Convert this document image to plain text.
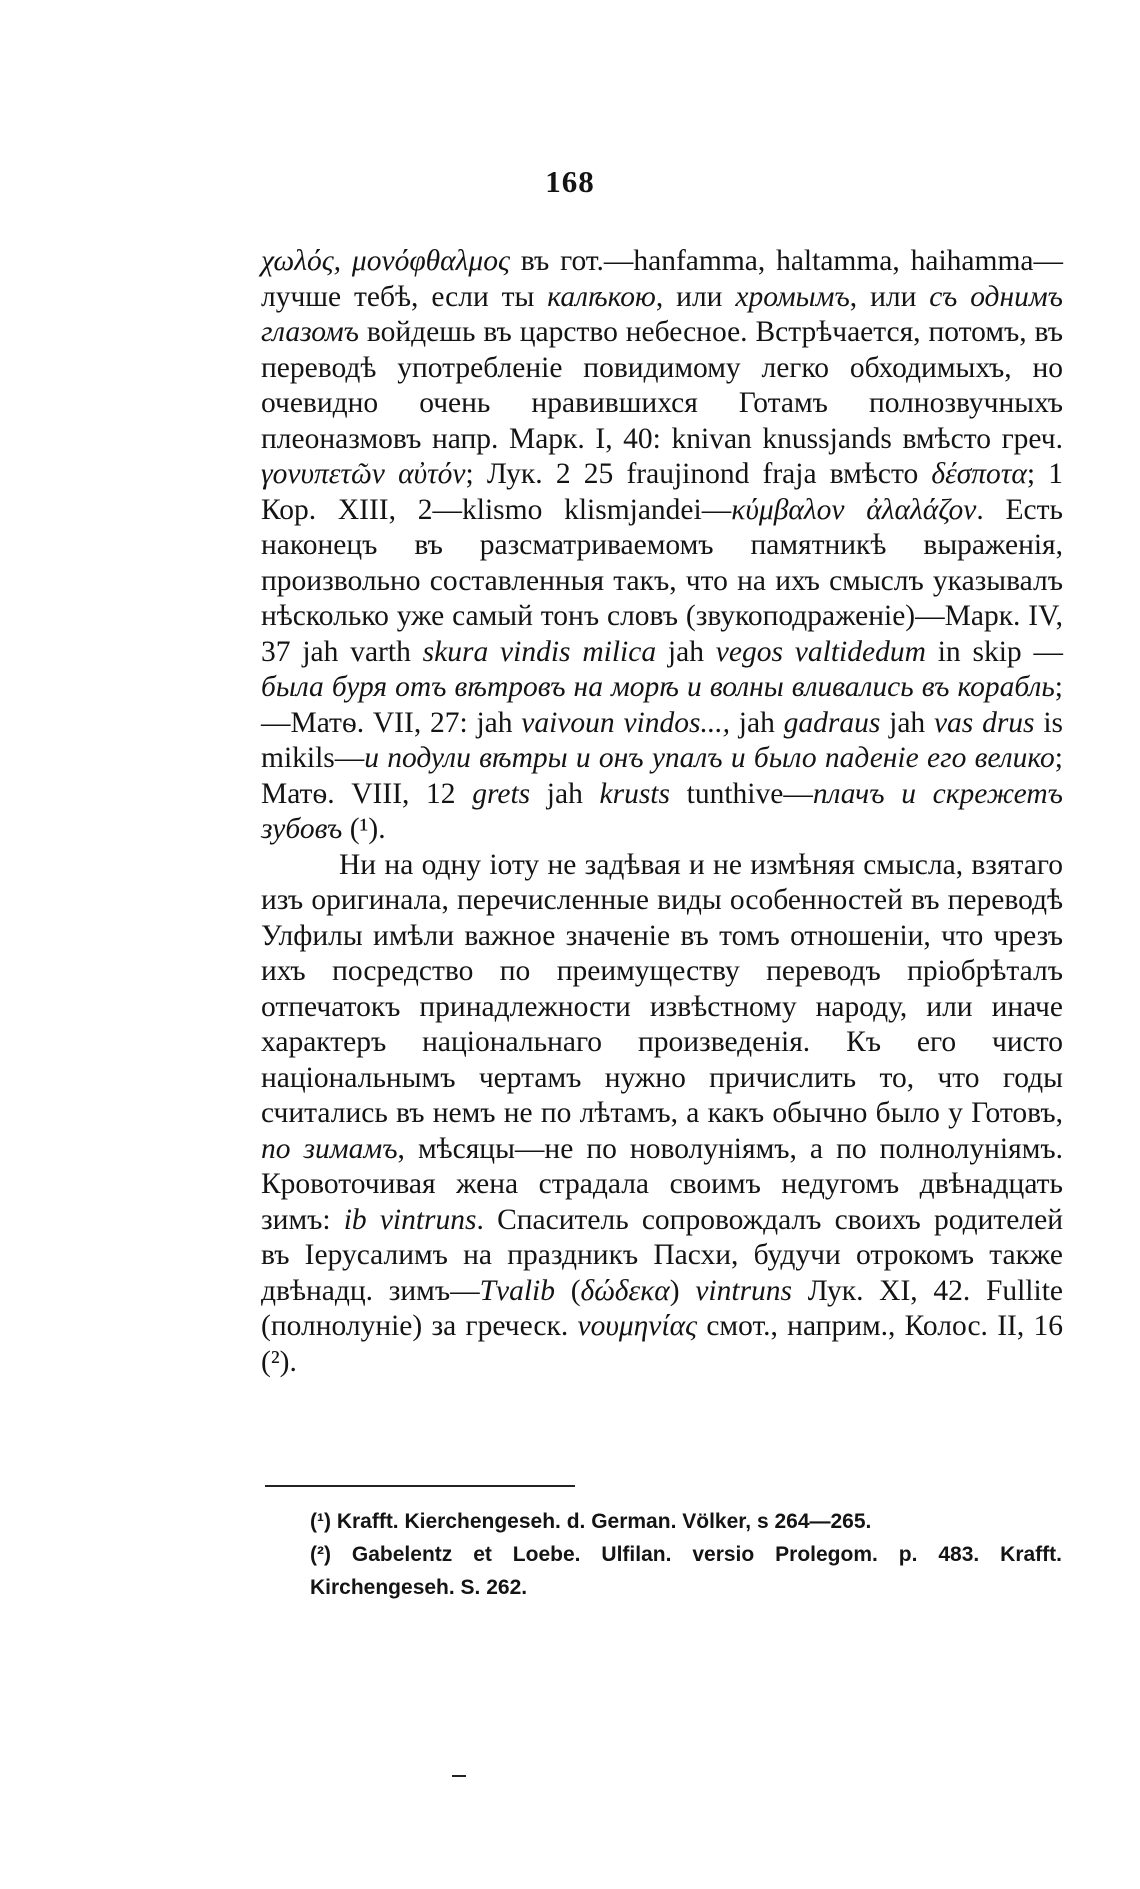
168

χωλός, μονόφθαλμος въ гот.—hanfamma, haltamma, haihamma—лучше тебѣ, если ты калѣкою, или хромымъ, или съ однимъ глазомъ войдешь въ царство небесное. Встрѣчается, потомъ, въ переводѣ употребленіе повидимому легко обходимыхъ, но очевидно очень нравившихся Готамъ полнозвучныхъ плеоназмовъ напр. Марк. I, 40: knivan knussjands вмѣсто греч. γονυπετῶν αὐτόν; Лук. 2 25 fraujinond fraja вмѣсто δέσποτα; 1 Кор. XIII, 2—klismo klismjandei—κύμβαλον ἀλαλάζον. Есть наконецъ въ разсматриваемомъ памятникѣ выраженія, произвольно составленныя такъ, что на ихъ смыслъ указывалъ нѣсколько уже самый тонъ словъ (звукоподраженіе)—Марк. IV, 37 jah varth skura vindis milica jah vegos valtidedum in skip — была буря отъ вѣтровъ на морѣ и волны вливались въ корабль;—Матѳ. VII, 27: jah vaivoun vindos..., jah gadraus jah vas drus is mikils—и подули вѣтры и онъ упалъ и было паденіе его велико; Матѳ. VIII, 12 grets jah krusts tunthive—плачъ и скрежетъ зубовъ (¹).

Ни на одну іоту не задѣвая и не измѣняя смысла, взятаго изъ оригинала, перечисленные виды особенностей въ переводѣ Улфилы имѣли важное значеніе въ томъ отношеніи, что чрезъ ихъ посредство по преимуществу переводъ пріобрѣталъ отпечатокъ принадлежности извѣстному народу, или иначе характеръ національнаго произведенія. Къ его чисто національнымъ чертамъ нужно причислить то, что годы считались въ немъ не по лѣтамъ, а какъ обычно было у Готовъ, по зимамъ, мѣсяцы—не по новолуніямъ, а по полнолуніямъ. Кровоточивая жена страдала своимъ недугомъ двѣнадцать зимъ: ib vintruns. Спаситель сопровождалъ своихъ родителей въ Іерусалимъ на праздникъ Пасхи, будучи отрокомъ также двѣнадц. зимъ—Tvalib (δώδεκα) vintruns Лук. XI, 42. Fullite (полнолуніе) за греческ. νουμηνίας смот., наприм., Колос. II, 16 (²).

(¹) Krafft. Kierchengeseh. d. German. Völker, s 264—265.

(²) Gabelentz et Loebe. Ulfilan. versio Prolegom. p. 483. Krafft. Kirchengeseh. S. 262.
